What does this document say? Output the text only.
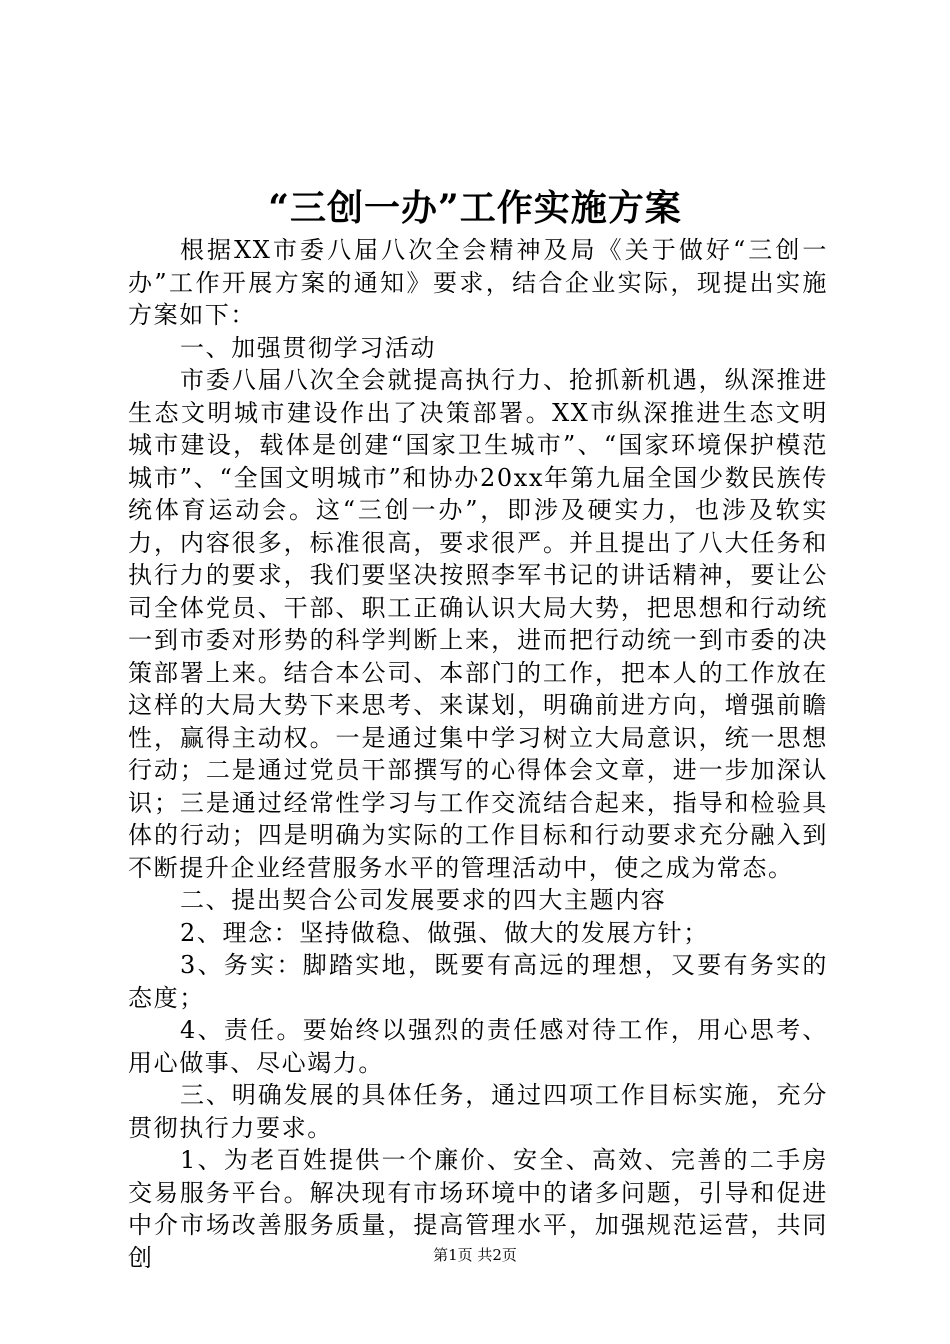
“三创一办”工作实施方案

根据XX市委八届八次全会精神及局《关于做好“三创一办”工作开展方案的通知》要求，结合企业实际，现提出实施方案如下：

一、加强贯彻学习活动

市委八届八次全会就提高执行力、抢抓新机遇，纵深推进生态文明城市建设作出了决策部署。XX市纵深推进生态文明城市建设，载体是创建“国家卫生城市”、“国家环境保护模范城市”、“全国文明城市”和协办20xx年第九届全国少数民族传统体育运动会。这“三创一办”，即涉及硬实力，也涉及软实力，内容很多，标准很高，要求很严。并且提出了八大任务和执行力的要求，我们要坚决按照李军书记的讲话精神，要让公司全体党员、干部、职工正确认识大局大势，把思想和行动统一到市委对形势的科学判断上来，进而把行动统一到市委的决策部署上来。结合本公司、本部门的工作，把本人的工作放在这样的大局大势下来思考、来谋划，明确前进方向，增强前瞻性，赢得主动权。一是通过集中学习树立大局意识，统一思想行动；二是通过党员干部撰写的心得体会文章，进一步加深认识；三是通过经常性学习与工作交流结合起来，指导和检验具体的行动；四是明确为实际的工作目标和行动要求充分融入到不断提升企业经营服务水平的管理活动中，使之成为常态。

二、提出契合公司发展要求的四大主题内容

2、理念：坚持做稳、做强、做大的发展方针；

3、务实：脚踏实地，既要有高远的理想，又要有务实的态度；

4、责任。要始终以强烈的责任感对待工作，用心思考、用心做事、尽心竭力。

三、明确发展的具体任务，通过四项工作目标实施，充分贯彻执行力要求。

1、为老百姓提供一个廉价、安全、高效、完善的二手房交易服务平台。解决现有市场环境中的诸多问题，引导和促进中介市场改善服务质量，提高管理水平，加强规范运营，共同创	第1页 共2页
